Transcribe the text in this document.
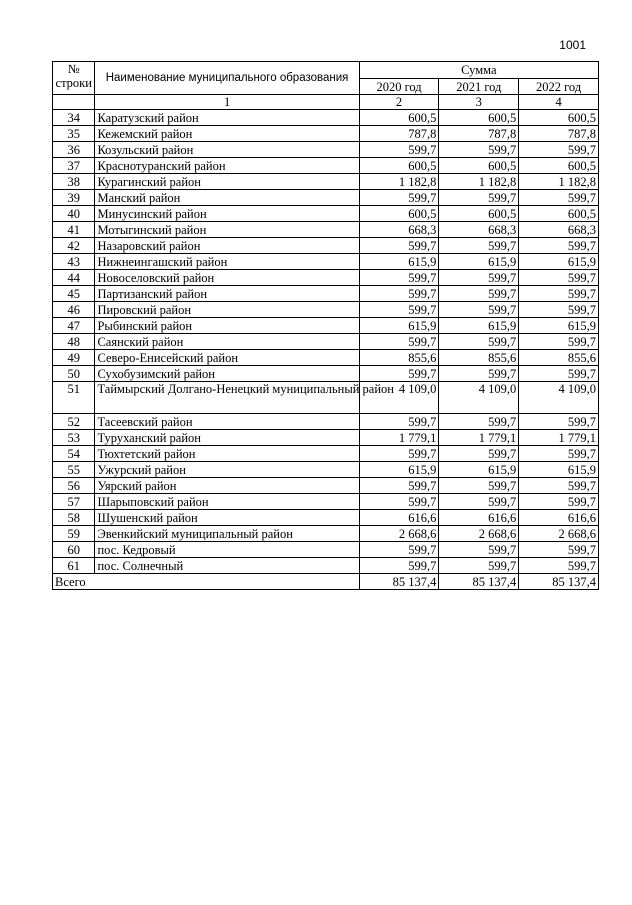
1001
№
строки	Наименование муниципального образования	Сумма		
		2020 год	2021 год	2022 год
	1	2	3	4
34	Каратузский район	600,5	600,5	600,5
35	Кежемский район	787,8	787,8	787,8
36	Козульский район	599,7	599,7	599,7
37	Краснотуранский район	600,5	600,5	600,5
38	Курагинский район	1 182,8	1 182,8	1 182,8
39	Манский район	599,7	599,7	599,7
40	Минусинский район	600,5	600,5	600,5
41	Мотыгинский район	668,3	668,3	668,3
42	Назаровский район	599,7	599,7	599,7
43	Нижнеингашский район	615,9	615,9	615,9
44	Новоселовский район	599,7	599,7	599,7
45	Партизанский район	599,7	599,7	599,7
46	Пировский район	599,7	599,7	599,7
47	Рыбинский район	615,9	615,9	615,9
48	Саянский район	599,7	599,7	599,7
49	Северо-Енисейский район	855,6	855,6	855,6
50	Сухобузимский район	599,7	599,7	599,7
51	Таймырский Долгано-Ненецкий муниципальный район	4 109,0	4 109,0	4 109,0
52	Тасеевский район	599,7	599,7	599,7
53	Туруханский район	1 779,1	1 779,1	1 779,1
54	Тюхтетский район	599,7	599,7	599,7
55	Ужурский район	615,9	615,9	615,9
56	Уярский район	599,7	599,7	599,7
57	Шарыповский район	599,7	599,7	599,7
58	Шушенский район	616,6	616,6	616,6
59	Эвенкийский муниципальный район	2 668,6	2 668,6	2 668,6
60	пос. Кедровый	599,7	599,7	599,7
61	пос. Солнечный	599,7	599,7	599,7
Всего		85 137,4	85 137,4	85 137,4
